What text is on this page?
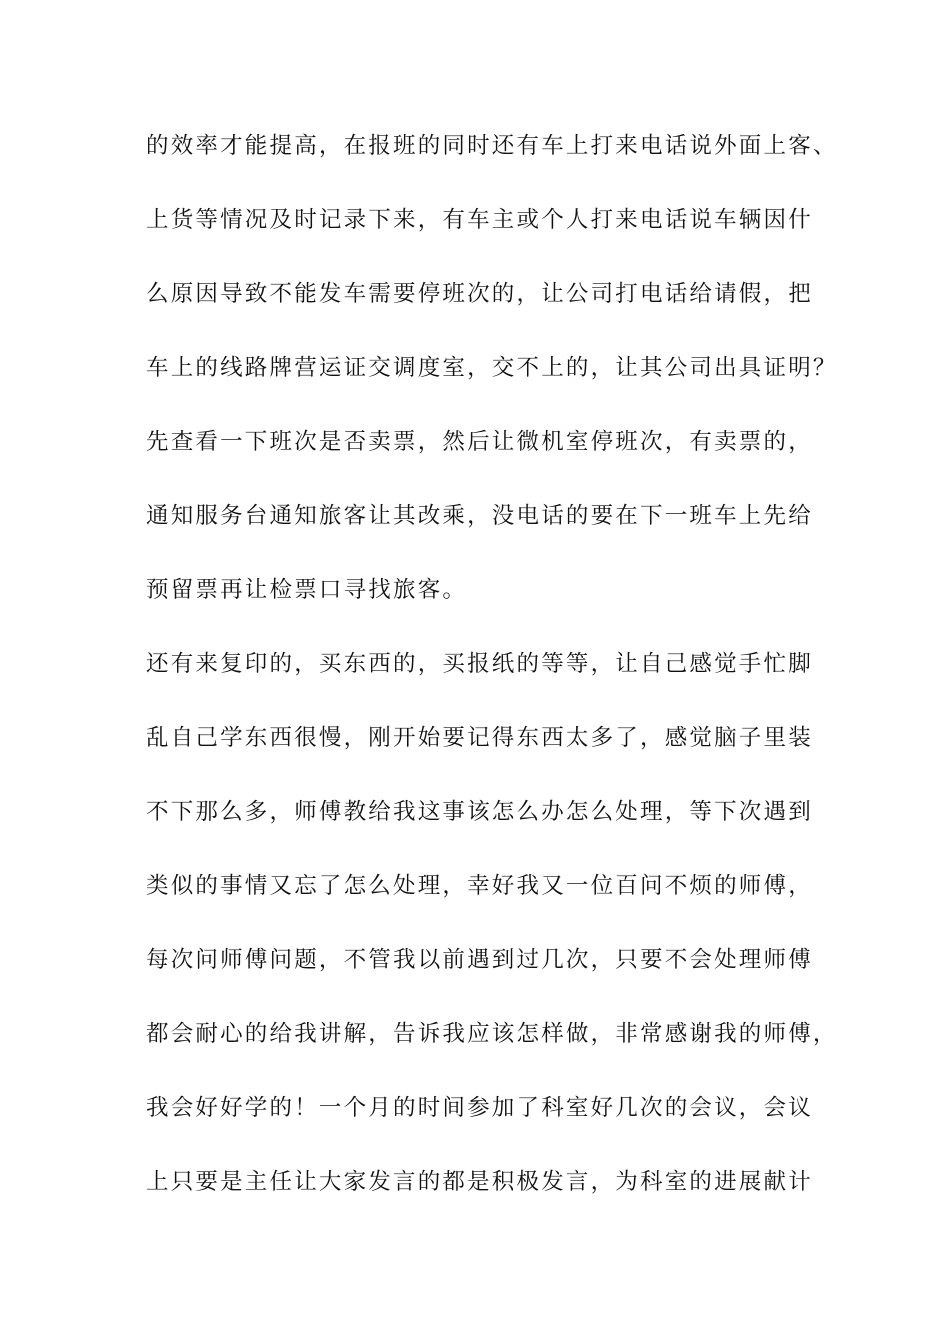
的效率才能提高，在报班的同时还有车上打来电话说外面上客、
上货等情况及时记录下来，有车主或个人打来电话说车辆因什
么原因导致不能发车需要停班次的，让公司打电话给请假，把
车上的线路牌营运证交调度室，交不上的，让其公司出具证明？
先查看一下班次是否卖票，然后让微机室停班次，有卖票的，
通知服务台通知旅客让其改乘，没电话的要在下一班车上先给
预留票再让检票口寻找旅客。
还有来复印的，买东西的，买报纸的等等，让自己感觉手忙脚
乱自己学东西很慢，刚开始要记得东西太多了，感觉脑子里装
不下那么多，师傅教给我这事该怎么办怎么处理，等下次遇到
类似的事情又忘了怎么处理，幸好我又一位百问不烦的师傅，
每次问师傅问题，不管我以前遇到过几次，只要不会处理师傅
都会耐心的给我讲解，告诉我应该怎样做，非常感谢我的师傅，
我会好好学的！一个月的时间参加了科室好几次的会议，会议
上只要是主任让大家发言的都是积极发言，为科室的进展献计
